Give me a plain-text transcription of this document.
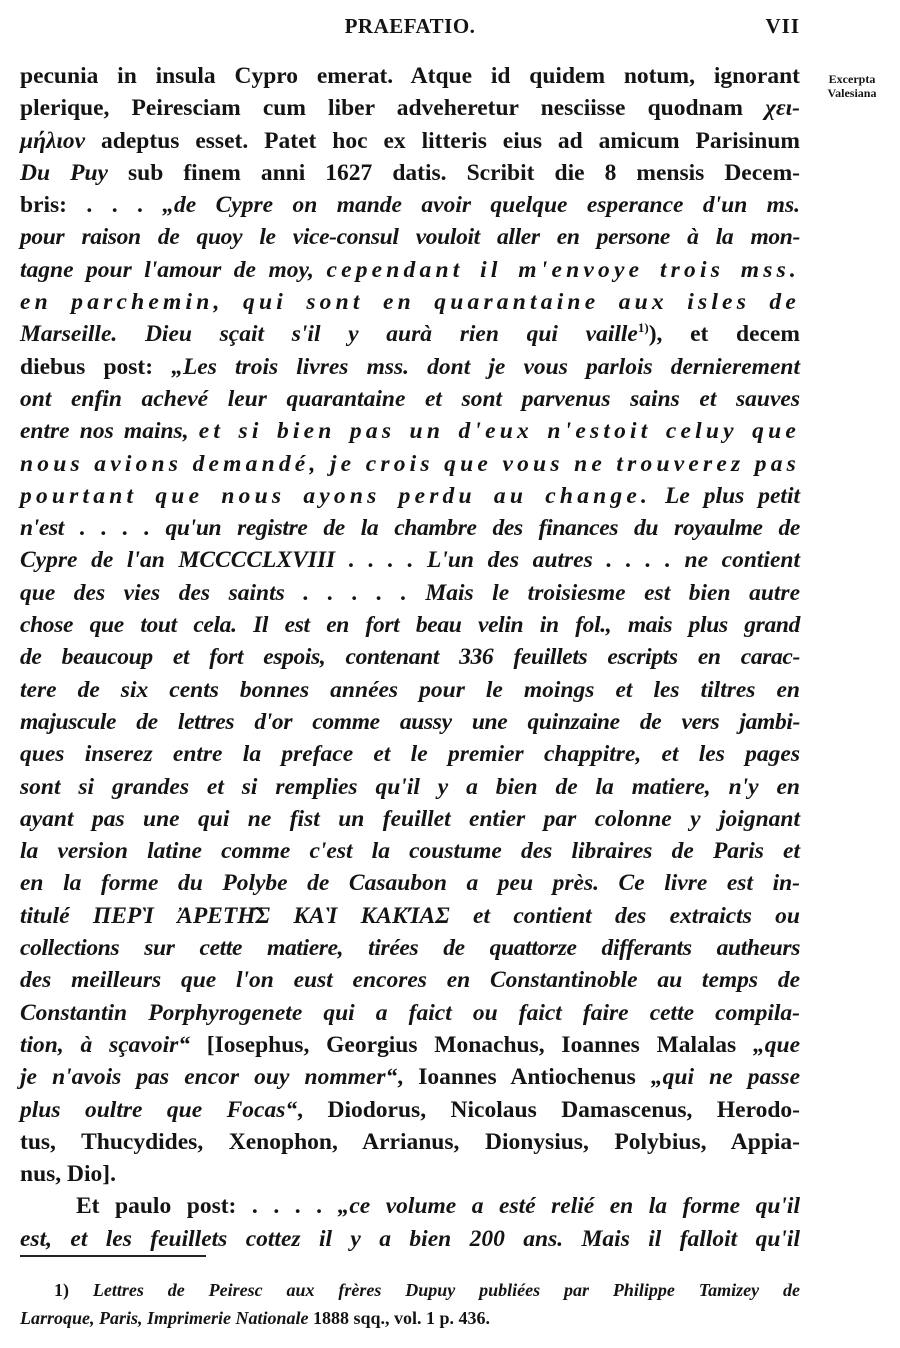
PRAEFATIO.	VII
Excerpta
Valesiana
pecunia in insula Cypro emerat. Atque id quidem notum, ignorant
plerique, Peiresciam cum liber adveheretur nesciisse quodnam χει-
μήλιον adeptus esset. Patet hoc ex litteris eius ad amicum Parisinum
Du Puy sub finem anni 1627 datis. Scribit die 8 mensis Decem-
bris: . . . „de Cypre on mande avoir quelque esperance d'un ms.
pour raison de quoy le vice-consul vouloit aller en persone à la mon-
tagne pour l'amour de moy, cependant il m'envoye trois mss.
en parchemin, qui sont en quarantaine aux isles de
Marseille. Dieu sçait s'il y aurà rien qui vaille$^{1)}$), et decem
diebus post: „Les trois livres mss. dont je vous parlois dernierement
ont enfin achevé leur quarantaine et sont parvenus sains et sauves
entre nos mains, et si bien pas un d'eux n'estoit celuy que
nous avions demandé, je crois que vous ne trouverez pas
pourtant que nous ayons perdu au change. Le plus petit
n'est . . . . qu'un registre de la chambre des finances du royaulme de
Cypre de l'an MCCCCLXVIII . . . . L'un des autres . . . . ne contient
que des vies des saints . . . . . Mais le troisiesme est bien autre
chose que tout cela. Il est en fort beau velin in fol., mais plus grand
de beaucoup et fort espois, contenant 336 feuillets escripts en carac-
tere de six cents bonnes années pour le moings et les tiltres en
majuscule de lettres d'or comme aussy une quinzaine de vers jambi-
ques inserez entre la preface et le premier chappitre, et les pages
sont si grandes et si remplies qu'il y a bien de la matiere, n'y en
ayant pas une qui ne fist un feuillet entier par colonne y joignant
la version latine comme c'est la coustume des libraires de Paris et
en la forme du Polybe de Casaubon a peu près. Ce livre est in-
titulé ΠΕΡῚ ἈΡΕΤΗ͂Σ ΚΑῚ ΚΑΚΊΑΣ et contient des extraicts ou
collections sur cette matiere, tirées de quattorze differants autheurs
des meilleurs que l'on eust encores en Constantinoble au temps de
Constantin Porphyrogenete qui a faict ou faict faire cette compila-
tion, à sçavoir“ [Iosephus, Georgius Monachus, Ioannes Malalas „que
je n'avois pas encor ouy nommer“, Ioannes Antiochenus „qui ne passe
plus oultre que Focas“, Diodorus, Nicolaus Damascenus, Herodo-
tus, Thucydides, Xenophon, Arrianus, Dionysius, Polybius, Appia-
nus, Dio].
Et paulo post: . . . . „ce volume a esté relié en la forme qu'il
est, et les feuillets cottez il y a bien 200 ans. Mais il falloit qu'il
1) Lettres de Peiresc aux frères Dupuy publiées par Philippe Tamizey de
Larroque, Paris, Imprimerie Nationale 1888 sqq., vol. 1 p. 436.
